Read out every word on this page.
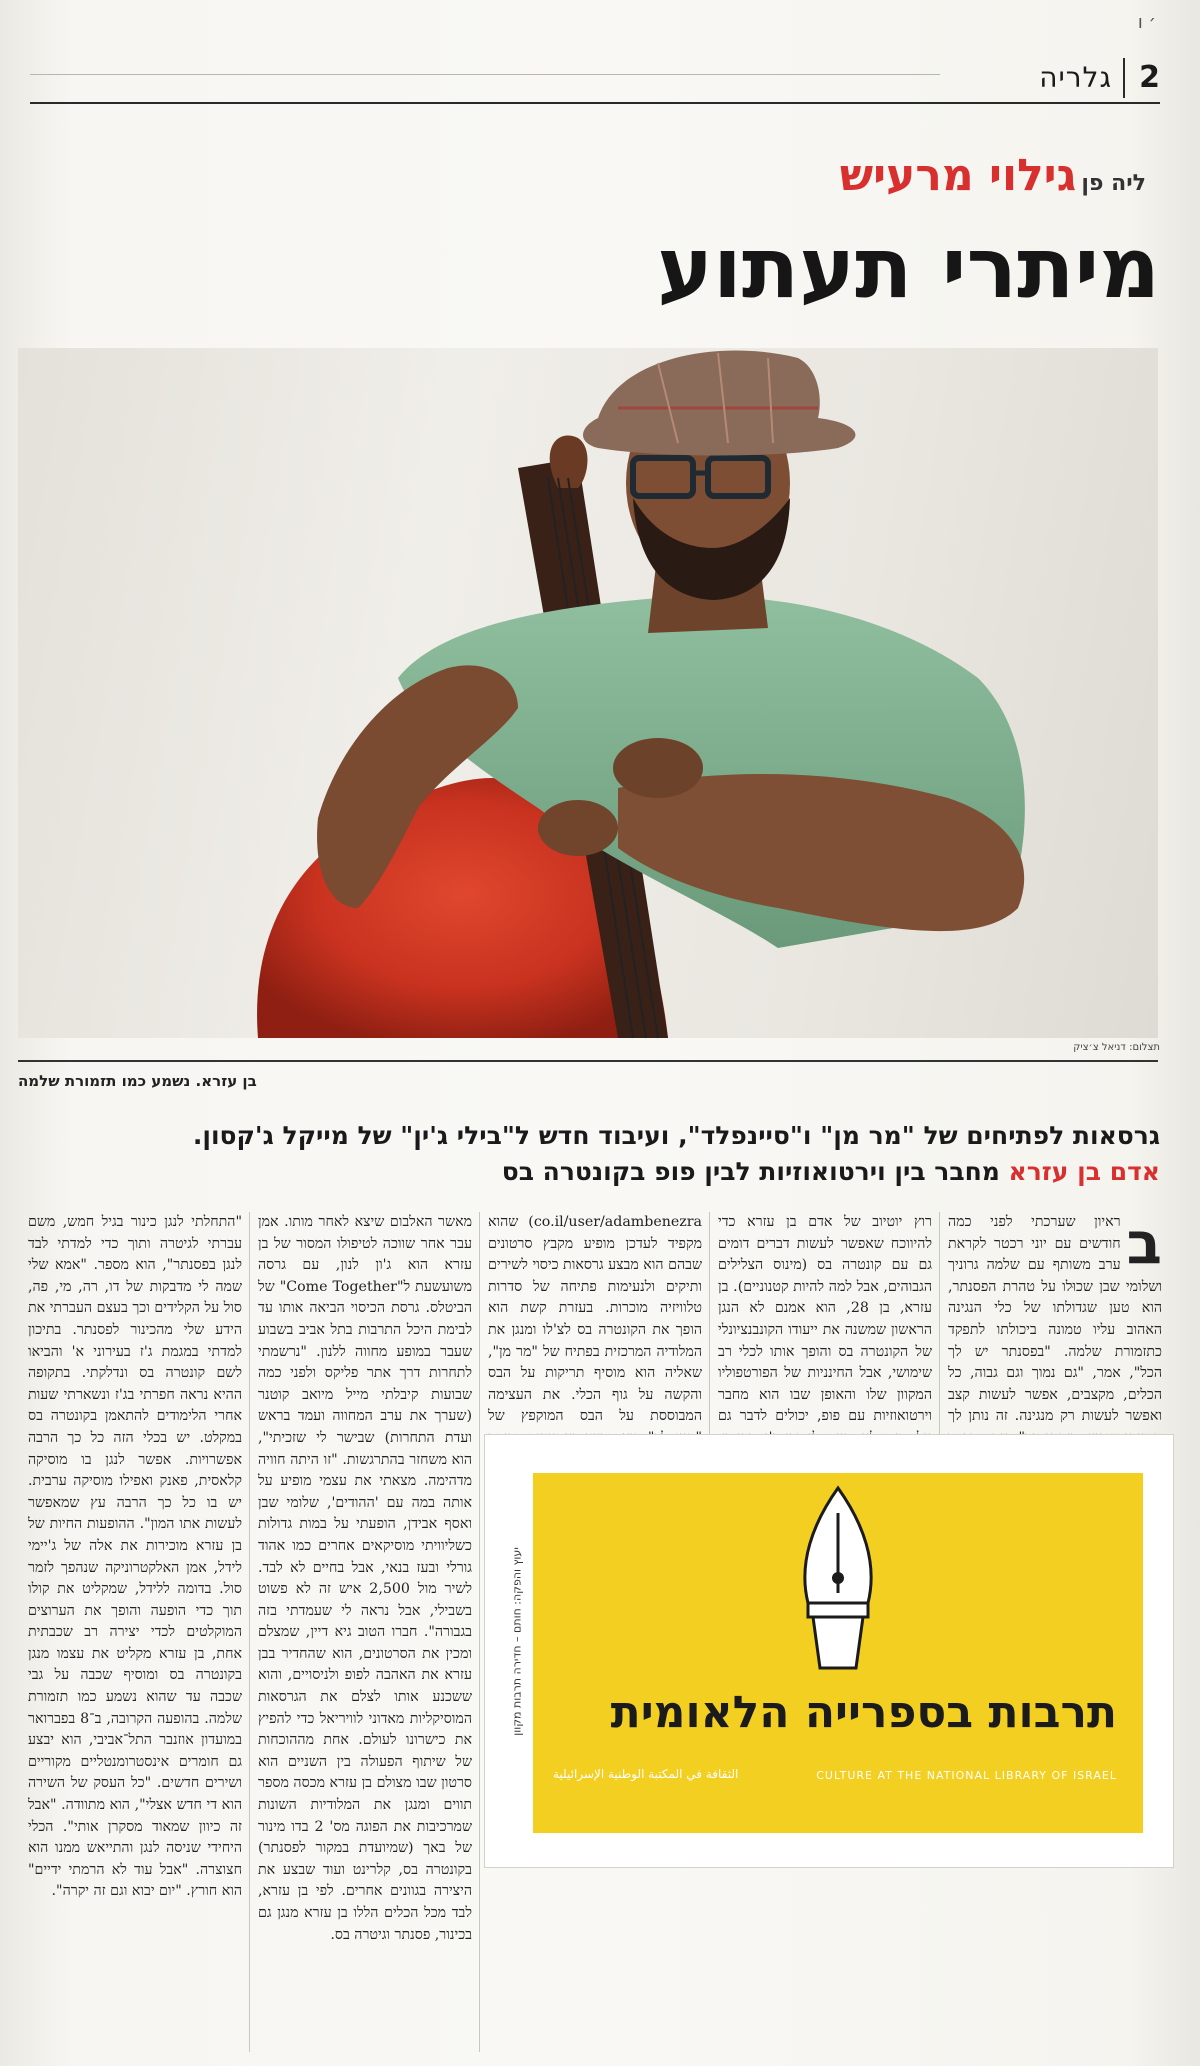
׳ ו
2
גלריה
ליה פן גילוי מרעיש
מיתרי תעתוע
תצלום: דניאל צ׳ציק
בן עזרא. נשמע כמו תזמורת שלמה
גרסאות לפתיחים של "מר מן" ו"סיינפלד", ועיבוד חדש ל"בילי ג'ין" של מייקל ג'קסון.
אדם בן עזרא מחבר בין וירטואוזיות לבין פופ בקונטרה בס
ב
ראיון שערכתי לפני כמה חודשים עם יוני רכטר לקראת ערב משותף עם שלמה גרוניך ושלומי שבן שכוּלו על טהרת הפסנתר, הוא טען שגדולתו של כלי הנגינה האהוב עליו טמונה ביכולתו לתפקד כתזמורת שלמה. "בפסנתר יש לך הכל", אמר, "גם נמוך וגם גבוה, כל הכלים, מקצבים, אפשר לעשות קצב ואפשר לעשות רק מנגינה. זה נותן לך
רוץ יוטיוב של אדם בן עזרא כדי להיווכח שאפשר לעשות דברים דומים גם עם קונטרה בס (מינוס הצלילים הגבוהים, אבל למה להיות קטנוניים). בן עזרא, בן 28, הוא אמנם לא הנגן הראשון שמשנה את ייעודו הקונבנציונלי של הקונטרה בס והופך אותו לכלי רב שימושי, אבל החינניות של הפורטפוליו המקוון שלו והאופן שבו הוא מחבר וירטואוזיות עם פופ, יכולים לדבר גם
co.il/user/adambenezra) שהוא מקפיד לעדכן מופיע מקבץ סרטונים שבהם הוא מבצע גרסאות כיסוי לשירים ותיקים ולנעימות פתיחה של סדרות טלוויזיה מוכרות. בעזרת קשת הוא הופך את הקונטרה בס לצ'לו ומנגן את המלודיה המרכזית בפתיח של "מר מן", שאליה הוא מוסיף תריקות על הבס והקשה על גוף הכלי. את העצימה המבוססת על הבס המוקפץ של
מאשר האלבום שיצא לאחר מותו. אמן עבר אחר שווכה לטיפולו המסור של בן עזרא הוא ג'ון לנון, עם גרסה משועשעת ל"Come Together" של הביטלס. גרסת הכיסוי הביאה אותו עד לבימת היכל התרבות בתל אביב בשבוע שעבר במופע מחווה ללנון. "נרשמתי לתחרות דרך אתר פליקס ולפני כמה שבועות קיבלתי מייל מיואב קוטנר (שערך את ערב המחווה ועמד בראש ועדת התחרות) שבישר לי שזכיתי", הוא משחזר בהתרגשות. "זו היתה חוויה מדהימה. מצאתי את עצמי מופיע על אותה במה עם 'ההודים', שלומי שבן ואסף אבידן, הופעתי על במות גדולות כשליוויתי מוסיקאים אחרים כמו אהוד גורלי ובעז בנאי, אבל בחיים לא לבד. לשיר מול 2,500 איש זה לא פשוט בשבילי, אבל נראה לי שעמדתי בזה בגבורה". חברו הטוב גיא דיין, שמצלם ומכין את הסרטונים, הוא שהחדיר בבן עזרא את האהבה לפופ ולניסויים, והוא ששכנע אותו לצלם את הגרסאות המוסיקליות מאדוני לוויריאל כדי להפיץ את כישרונו לעולם. אחת מההוכחות של שיתוף הפעולה בין השניים הוא סרטון שבו מצולם בן עזרא מכסה מספר תווים ומנגן את המלודיות השונות שמרכיבות את הפוגה מס' 2 בדו מינור של באך (שמיועדת במקור לפסנתר) בקונטרה בס, קלרינט ועוד שבצע את היצירה בגוונים אחרים. לפי בן עזרא, לבד מכל הכלים הללו בן עזרא מנגן גם בכינור, פסנתר וגיטרה בס.
"התחלתי לנגן כינור בגיל חמש, משם עברתי לגיטרה ותוך כדי למדתי לבד לנגן בפסנתר", הוא מספר. "אמא שלי שמה לי מדבקות של דו, רה, מי, פה, סול על הקלידים וכך בעצם העברתי את הידע שלי מהכינור לפסנתר. בתיכון למדתי במגמת ג'ז בעירוני א' והביאו לשם קונטרה בס ונדלקתי. בתקופה ההיא נראה חפרתי בג'ז ונשארתי שעות אחרי הלימודים להתאמן בקונטרה בס במקלט. יש בכלי הזה כל כך הרבה אפשרויות. אפשר לנגן בו מוסיקה קלאסית, פאנק ואפילו מוסיקה ערבית. יש בו כל כך הרבה עץ שמאפשר לעשות אתו המון". ההופעות החיות של בן עזרא מוכירות את אלה של ג'יימי לידל, אמן האלקטרוניקה שנהפך לזמר סול. בדומה ללידל, שמקליט את קולו תוך כדי הופעה והופך את הערוצים המוקלטים לכדי יצירה רב שכבתית אחת, בן עזרא מקליט את עצמו מנגן בקונטרה בס ומוסיף שכבה על גבי שכבה עד שהוא נשמע כמו תזמורת שלמה. בהופעה הקרובה, ב־8 בפברואר במועדון אוזנבר התל־אביבי, הוא יבצע גם חומרים אינסטרומנטליים מקוריים ושירים חדשים. "כל העסק של השירה הוא די חדש אצלי", הוא מתוודה. "אבל זה כיוון שמאוד מסקרן אותי". הכלי היחידי שניסה לנגן והתייאש ממנו הוא חצוצרה. "אבל עוד לא הרמתי ידיים" הוא חורץ. "יום יבוא וגם זה יקרה".
יעוץ והפקה: חותם – חדירה תרבות מקוון תרבות בספרייה הלאומית
CULTURE AT THE NATIONAL LIBRARY OF ISRAEL
الثقافة في المكتبة الوطنية الإسرائيلية
